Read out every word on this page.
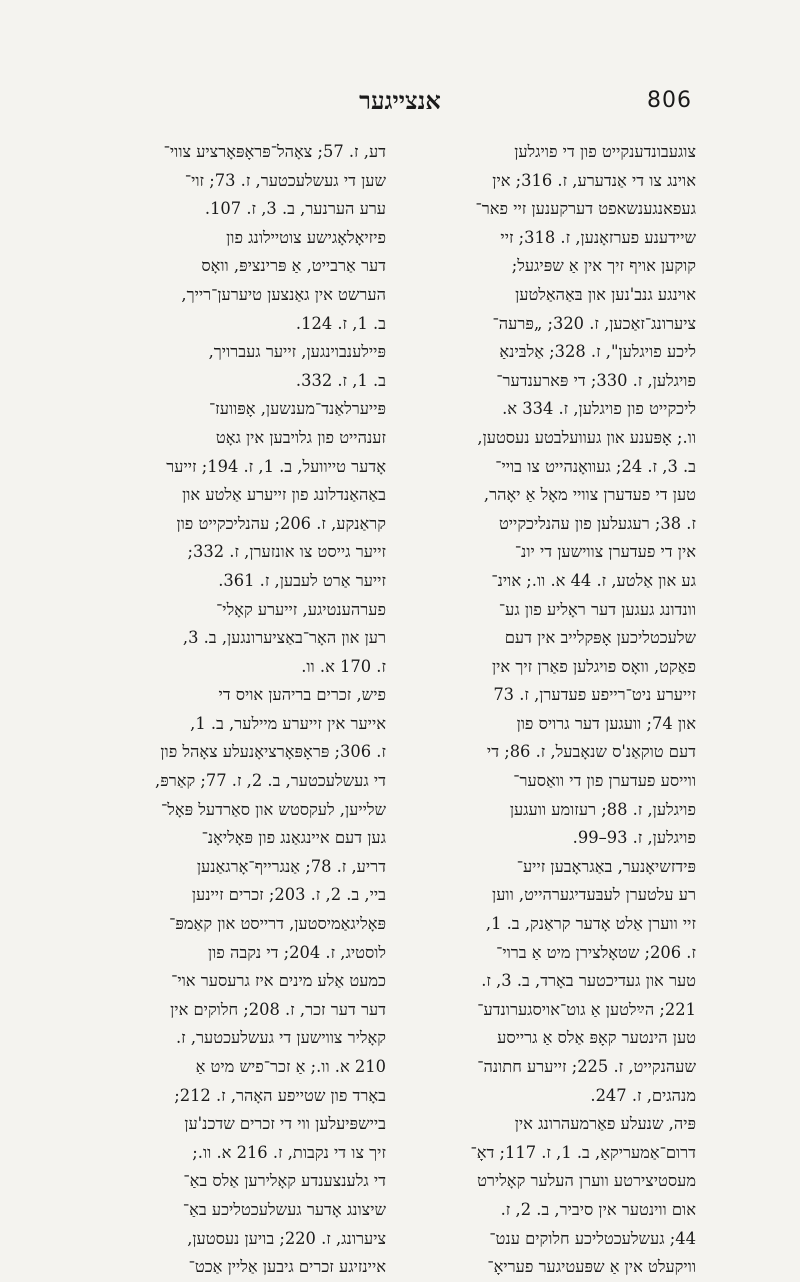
806
אנצייגער

צוגעבונדענקייט פון די פויגלען

אוינג צו די אַנדערע, ז. 316; אין

געפאנגענשאפט דערקענען זיי פאר־

שיידענע פערזאָנען, ז. 318; זיי

קוקען אויף זיך אין אַ שפּיגעל;

אוינגע גנב'נען און בּאַהאַלטען

ציערונג־זאַכען, ז. 320; „פּרעה־

ליכע פויגלען", ז. 328; אַלבּינאַ

פויגלען, ז. 330; די פּארענדער־

ליכקייט פון פויגלען, ז. 334 א.

וו.; אָפּענע און געוועלבטע נעסטען,

ב. 3, ז. 24; געוואָנהייט צו בויי־

טען די פעדערן צוויי מאָל אַ יאָהר,

ז. 38; רעגעלען פון עהנליכקייט

אין די פעדערן צווישען די יונ־

גע און אַלטע, ז. 44 א. וו.; אוינ־

וונדונג געגען דער ראָליע פון גע־

שלעכטליכען אָפּקלייב אין דעם

פאַקט, וואָס פויגלען פאַרן זיך אין

זייערע ניט־רייפע פעדערן, ז. 73

און 74; וועגען דער גרויס פון

דעם טוקאַנ'ס שנאָבעל, ז. 86; די

ווייסע פעדערן פון די וואַסער־

פויגלען, ז. 88; רעזומע וועגען

פויגלען, ז. 93–99.

פּידזשיאָנער, באַגראָבען זייע־

רע עלטערן לעבּעדיגערהייט, ווען

זיי ווערן אַלט אָדער קראַנק, ב. 1,

ז. 206; שטאָלצירן מיט אַ ברוי־

טער און געדיכטער באָרד, ב. 3, ז.

221; הײַלטען אַ גוט־אויסגערונדע־

טען הינטער קאָפּ אַלס אַ גרייסע

שעהנקייט, ז. 225; זייערע חתונה־

מנהגים, ז. 247.

פּיה, שנעלע פאַרמעהרונג אין

דרום־אַמעריקאַ, ב. 1, ז. 117; דאָ־

מעסטיצירטע ווערן העלער קאָלירט

אום ווינטער אין סיביר, ב. 2, ז.

44; געשלעכטליכע חלוקים ענט־

וויקעלט אין אַ שפּעטיגער פעריאָ־

דע, ז. 57; צאָהל־פּראָפּאָרציע צווי־

שען די געשלעכטער, ז. 73; זוי־

ערע הערנער, ב. 3, ז. 107.

פיזיאָלאָגישע צוטיילונג פון

דער אַרבייט, אַ פּרינציפּ, וואָס

הערשט אין גאַנצען טיערען־רייך,

ב. 1, ז. 124.

פּיילענבוינגען, זייער געברויך,

ב. 1, ז. 332.

פּייערלאַנד־מענשען, אָפּוועז־

זענהייט פון גלויבען אין גאָט

אָדער טייוועל, ב. 1, ז. 194; זייער

באַהאַנדלונג פון זייערע אַלטע און

קראַנקע, ז. 206; עהנליכקייט פון

זייער גייסט צו אונזערן, ז. 332;

זייער אַרט לעבען, ז. 361.

פערהענטיגע, זייערע קאָלי־

רען און האָר־באַציערונגען, ב. 3,

ז. 170 א. וו.

פיש, זכרים בריהען אויס די

אייער אין זייערע מיילער, ב. 1,

ז. 306; פּראָפּאָרציאָנעלע צאָהל פון

די געשלעכטער, ב. 2, ז. 77; קאַרפּ,

שלייען, לעקסטש און סאַרדעל פּאָל־

גען דעם איינגאַנג פון פּאָליאָנ־

דריע, ז. 78; אַנגרייף־אָרגאַנען

ביי, ב. 2, ז. 203; זכרים זיינען

פּאָליגאַמיסטען, דרייסט און קאַמפּ־

לוסטיג, ז. 204; די נקבה פון

כמעט אַלע מינים איז גרעסער אוי־

דער דער זכר, ז. 208; חלוקים אין

קאָליר צווישען די געשלעכטער, ז.

210 א. וו.; אַ זכר־פיש מיט אַ

באָרד פון שטייפע האָהר, ז. 212;

ביישפּיעלען ווי די זכרים שדכנ'ען

זיך צו די נקבות, ז. 216 א. וו.;

די גלענצענדע קאָלירען אַלס באַ־

שיצונג אָדער געשלעכטליכע באַ־

ציערונג, ז. 220; בויען נעסטען,

איינזיגע זכרים גיבען אַליין אַכט־
